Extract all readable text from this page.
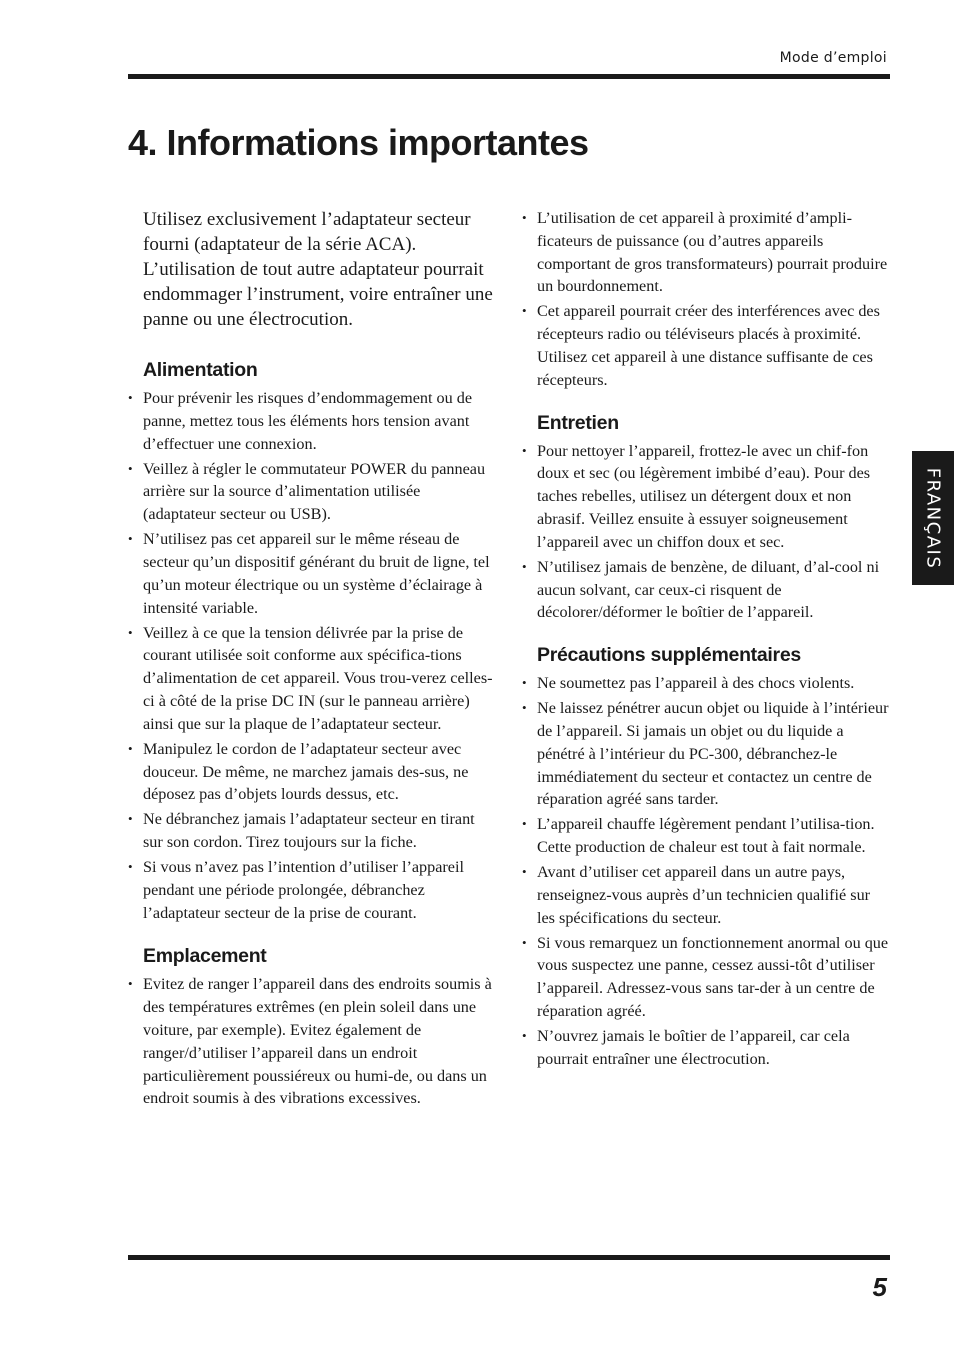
Mode d’emploi
4. Informations importantes

Utilisez exclusivement l’adaptateur secteur fourni (adaptateur de la série ACA). L’utilisation de tout autre adaptateur pourrait endommager l’instrument, voire entraîner une panne ou une électrocution.

Alimentation
• Pour prévenir les risques d’endommagement ou de panne, mettez tous les éléments hors tension avant d’effectuer une connexion.
• Veillez à régler le commutateur POWER du panneau arrière sur la source d’alimentation utilisée (adaptateur secteur ou USB).
• N’utilisez pas cet appareil sur le même réseau de secteur qu’un dispositif générant du bruit de ligne, tel qu’un moteur électrique ou un système d’éclairage à intensité variable.
• Veillez à ce que la tension délivrée par la prise de courant utilisée soit conforme aux spécifica-tions d’alimentation de cet appareil. Vous trou-verez celles-ci à côté de la prise DC IN (sur le panneau arrière) ainsi que sur la plaque de l’adaptateur secteur.
• Manipulez le cordon de l’adaptateur secteur avec douceur. De même, ne marchez jamais des-sus, ne déposez pas d’objets lourds dessus, etc.
• Ne débranchez jamais l’adaptateur secteur en tirant sur son cordon. Tirez toujours sur la fiche.
• Si vous n’avez pas l’intention d’utiliser l’appareil pendant une période prolongée, débranchez l’adaptateur secteur de la prise de courant.
Emplacement
• Evitez de ranger l’appareil dans des endroits soumis à des températures extrêmes (en plein soleil dans une voiture, par exemple). Evitez également de ranger/d’utiliser l’appareil dans un endroit particulièrement poussiéreux ou humi-de, ou dans un endroit soumis à des vibrations excessives.
• L’utilisation de cet appareil à proximité d’ampli-ficateurs de puissance (ou d’autres appareils comportant de gros transformateurs) pourrait produire un bourdonnement.
• Cet appareil pourrait créer des interférences avec des récepteurs radio ou téléviseurs placés à proximité. Utilisez cet appareil à une distance suffisante de ces récepteurs.
Entretien
• Pour nettoyer l’appareil, frottez-le avec un chif-fon doux et sec (ou légèrement imbibé d’eau). Pour des taches rebelles, utilisez un détergent doux et non abrasif. Veillez ensuite à essuyer soigneusement l’appareil avec un chiffon doux et sec.
• N’utilisez jamais de benzène, de diluant, d’al-cool ni aucun solvant, car ceux-ci risquent de décolorer/déformer le boîtier de l’appareil.
Précautions supplémentaires
• Ne soumettez pas l’appareil à des chocs violents.
• Ne laissez pénétrer aucun objet ou liquide à l’intérieur de l’appareil. Si jamais un objet ou du liquide a pénétré à l’intérieur du PC-300, débranchez-le immédiatement du secteur et contactez un centre de réparation agréé sans tarder.
• L’appareil chauffe légèrement pendant l’utilisa-tion. Cette production de chaleur est tout à fait normale.
• Avant d’utiliser cet appareil dans un autre pays, renseignez-vous auprès d’un technicien qualifié sur les spécifications du secteur.
• Si vous remarquez un fonctionnement anormal ou que vous suspectez une panne, cessez aussi-tôt d’utiliser l’appareil. Adressez-vous sans tar-der à un centre de réparation agréé.
• N’ouvrez jamais le boîtier de l’appareil, car cela pourrait entraîner une électrocution.
FRANÇAIS
5
